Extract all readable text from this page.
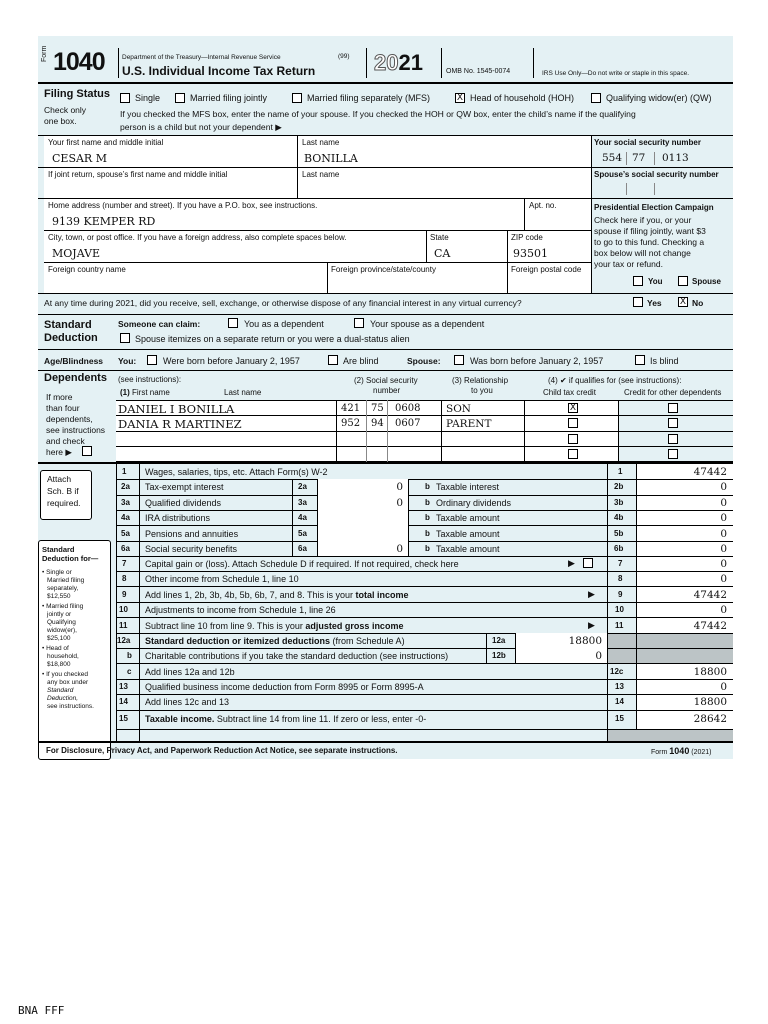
Form 1040	Department of the Treasury—Internal Revenue Service	(99)
U.S. Individual Income Tax Return	2021	OMB No. 1545-0074	IRS Use Only—Do not write or staple in this space.
Filing Status
Check only
one box.
Single	Married filing jointly	Married filing separately (MFS)	X Head of household (HOH)	Qualifying widow(er) (QW)
If you checked the MFS box, enter the name of your spouse. If you checked the HOH or QW box, enter the child’s name if the qualifying
person is a child but not your dependent ▶
Your first name and middle initial
CESAR M
Last name
BONILLA
Your social security number
554 77 0113
If joint return, spouse’s first name and middle initial	Last name	Spouse’s social security number
Home address (number and street). If you have a P.O. box, see instructions.
9139 KEMPER RD
Apt. no.
City, town, or post office. If you have a foreign address, also complete spaces below.
MOJAVE
State
CA
ZIP code
93501
Foreign country name	Foreign province/state/county	Foreign postal code
Presidential Election Campaign
Check here if you, or your
spouse if filing jointly, want $3
to go to this fund. Checking a
box below will not change
your tax or refund.
You	Spouse
At any time during 2021, did you receive, sell, exchange, or otherwise dispose of any financial interest in any virtual currency?	Yes X No
Standard
Deduction
Someone can claim:	You as a dependent	Your spouse as a dependent
Spouse itemizes on a separate return or you were a dual-status alien
Age/Blindness You:	Were born before January 2, 1957	Are blind	Spouse:	Was born before January 2, 1957	Is blind
Dependents (see instructions):
(1) First name	Last name
(2) Social security
number
(3) Relationship
to you
(4) ✔ if qualifies for (see instructions):
Child tax credit	Credit for other dependents
If more
than four
dependents,
see instructions
and check
here ▶
DANIEL I BONILLA	421 75 0608 SON	X
DANIA R MARTINEZ	952 94 0607 PARENT
Attach
Sch. B if
required.
Standard
Deduction for—
• Single or
Married filing
separately,
$12,550
• Married filing
jointly or
Qualifying
widow(er),
$25,100
• Head of
household,
$18,800
• If you checked
any box under
Standard
Deduction,
see instructions.
1 Wages, salaries, tips, etc. Attach Form(s) W-2	1	47442
2a Tax-exempt interest	2a	0	b Taxable interest	2b	0
3a Qualified dividends	3a	0	b Ordinary dividends	3b	0
4a IRA distributions	4a	b Taxable amount	4b	0
5a Pensions and annuities	5a	b Taxable amount	5b	0
6a Social security benefits	6a	0	b Taxable amount	6b	0
7 Capital gain or (loss). Attach Schedule D if required. If not required, check here	▶	7	0
8 Other income from Schedule 1, line 10	8	0
9 Add lines 1, 2b, 3b, 4b, 5b, 6b, 7, and 8. This is your total income	▶	9	47442
10 Adjustments to income from Schedule 1, line 26	10	0
11 Subtract line 10 from line 9. This is your adjusted gross income	▶	11	47442
12a Standard deduction or itemized deductions (from Schedule A)	12a	18800
b Charitable contributions if you take the standard deduction (see instructions)	12b	0
c Add lines 12a and 12b	12c	18800
13 Qualified business income deduction from Form 8995 or Form 8995-A	13	0
14 Add lines 12c and 13	14	18800
15 Taxable income. Subtract line 14 from line 11. If zero or less, enter -0-	15	28642
For Disclosure, Privacy Act, and Paperwork Reduction Act Notice, see separate instructions.	Form 1040 (2021)
BNA FFF
